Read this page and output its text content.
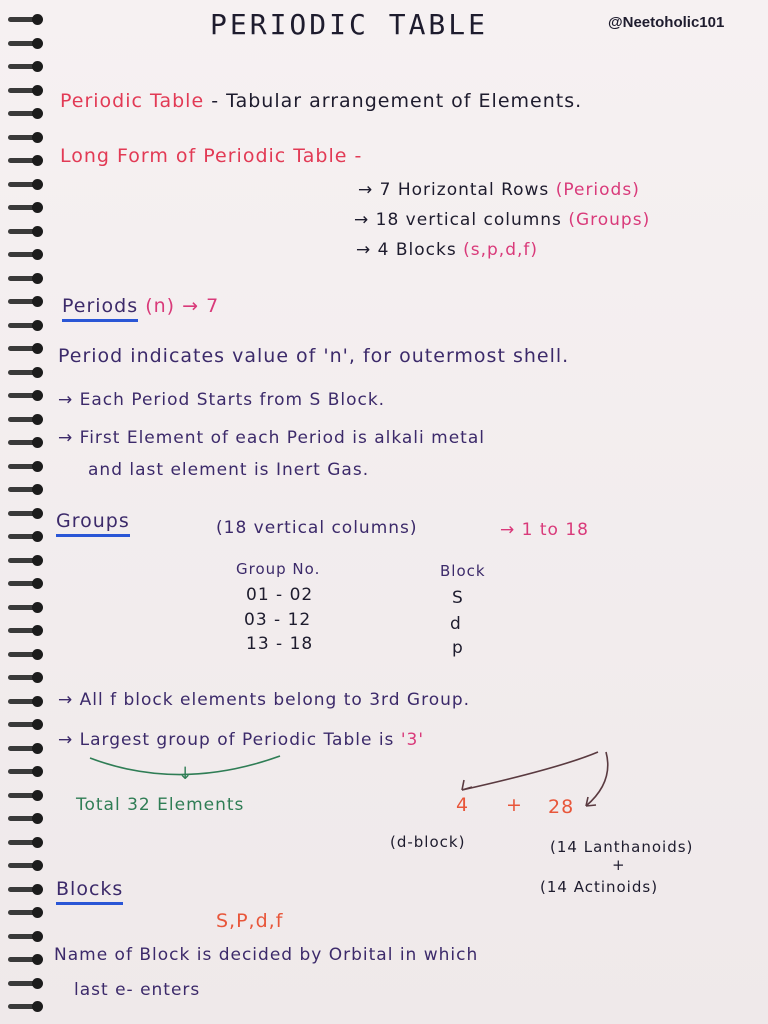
PERIODIC TABLE	@Neetoholic101
Periodic Table - Tabular arrangement of Elements.
Long Form of Periodic Table -
→ 7 Horizontal Rows (Periods)
→ 18 vertical columns (Groups)
→ 4 Blocks (s,p,d,f)
Periods (n) → 7
Period indicates value of 'n', for outermost shell.
→ Each Period Starts from S Block.
→ First Element of each Period is alkali metal
and last element is Inert Gas.
Groups	(18 vertical columns)	→ 1 to 18
Group No.	Block
01 - 02	S
03 - 12	d
13 - 18	p
→ All f block elements belong to 3rd Group.
→ Largest group of Periodic Table is '3'
↓
Total 32 Elements	4 + 28
(d-block)	(14 Lanthanoids)
+
(14 Actinoids)
Blocks
S,P,d,f
Name of Block is decided by Orbital in which
last e- enters
